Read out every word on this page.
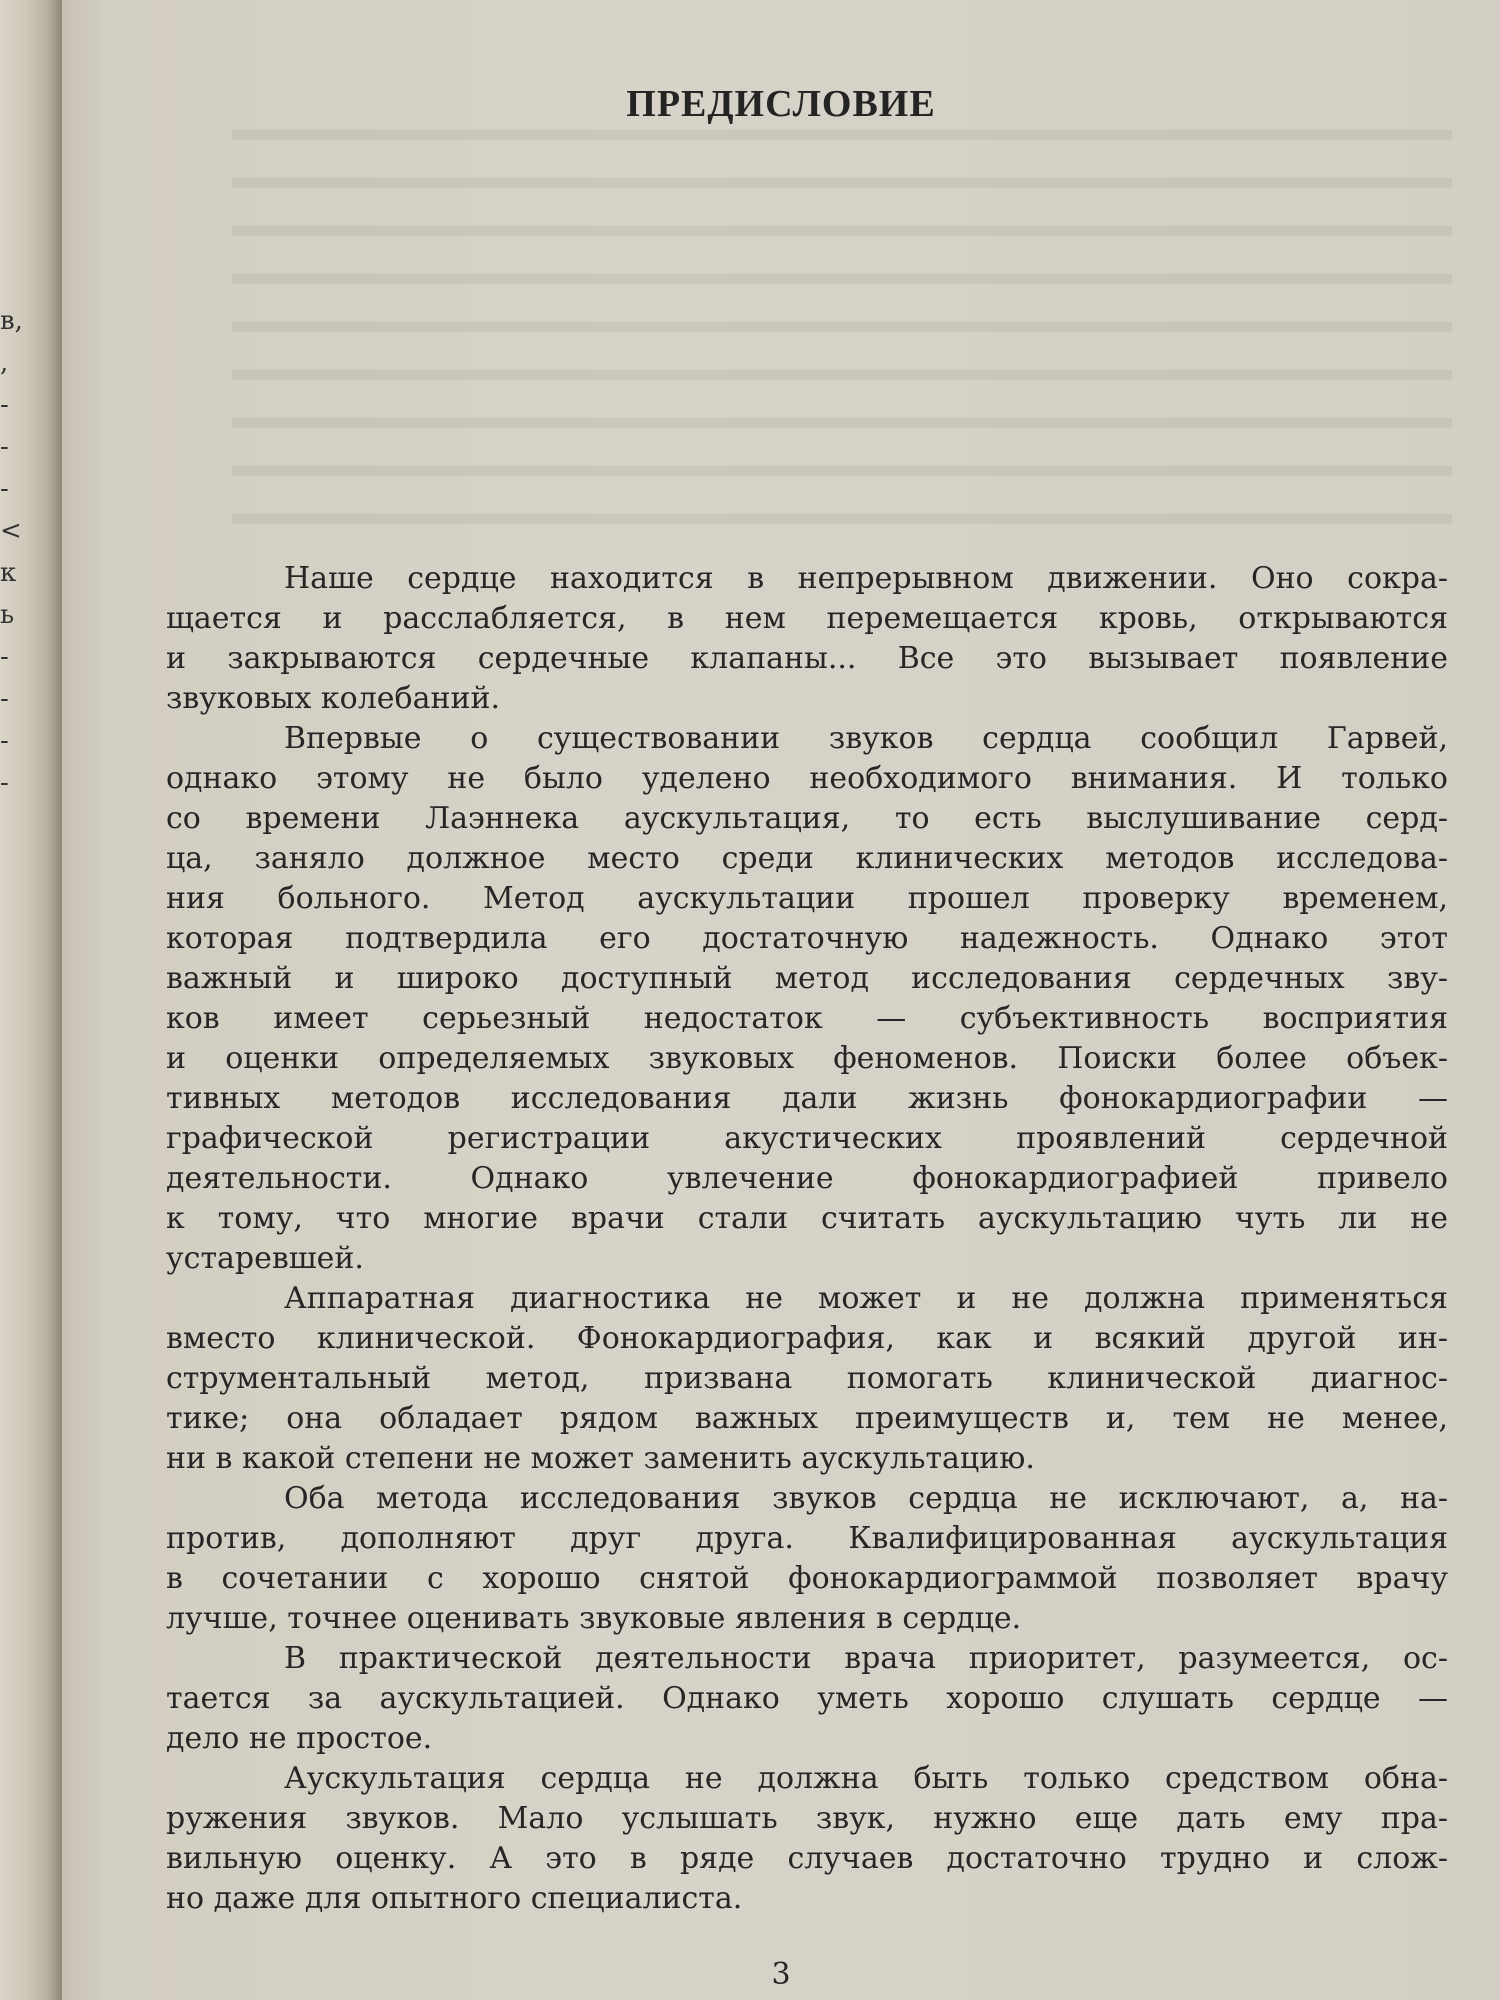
в,
,
-
-
-
<
к
ь
-
-
-
-
ПРЕДИСЛОВИЕ

Наше сердце находится в непрерывном движении. Оно сокра-
щается и расслабляется, в нем перемещается кровь, открываются
и закрываются сердечные клапаны... Все это вызывает появление
звуковых колебаний.

Впервые о существовании звуков сердца сообщил Гарвей,
однако этому не было уделено необходимого внимания. И только
со времени Лаэннека аускультация, то есть выслушивание серд-
ца, заняло должное место среди клинических методов исследова-
ния больного. Метод аускультации прошел проверку временем,
которая подтвердила его достаточную надежность. Однако этот
важный и широко доступный метод исследования сердечных зву-
ков имеет серьезный недостаток — субъективность восприятия
и оценки определяемых звуковых феноменов. Поиски более объек-
тивных методов исследования дали жизнь фонокардиографии —
графической регистрации акустических проявлений сердечной
деятельности. Однако увлечение фонокардиографией привело
к тому, что многие врачи стали считать аускультацию чуть ли не
устаревшей.

Аппаратная диагностика не может и не должна применяться
вместо клинической. Фонокардиография, как и всякий другой ин-
струментальный метод, призвана помогать клинической диагнос-
тике; она обладает рядом важных преимуществ и, тем не менее,
ни в какой степени не может заменить аускультацию.

Оба метода исследования звуков сердца не исключают, а, на-
против, дополняют друг друга. Квалифицированная аускультация
в сочетании с хорошо снятой фонокардиограммой позволяет врачу
лучше, точнее оценивать звуковые явления в сердце.

В практической деятельности врача приоритет, разумеется, ос-
тается за аускультацией. Однако уметь хорошо слушать сердце —
дело не простое.

Аускультация сердца не должна быть только средством обна-
ружения звуков. Мало услышать звук, нужно еще дать ему пра-
вильную оценку. А это в ряде случаев достаточно трудно и слож-
но даже для опытного специалиста.

3
